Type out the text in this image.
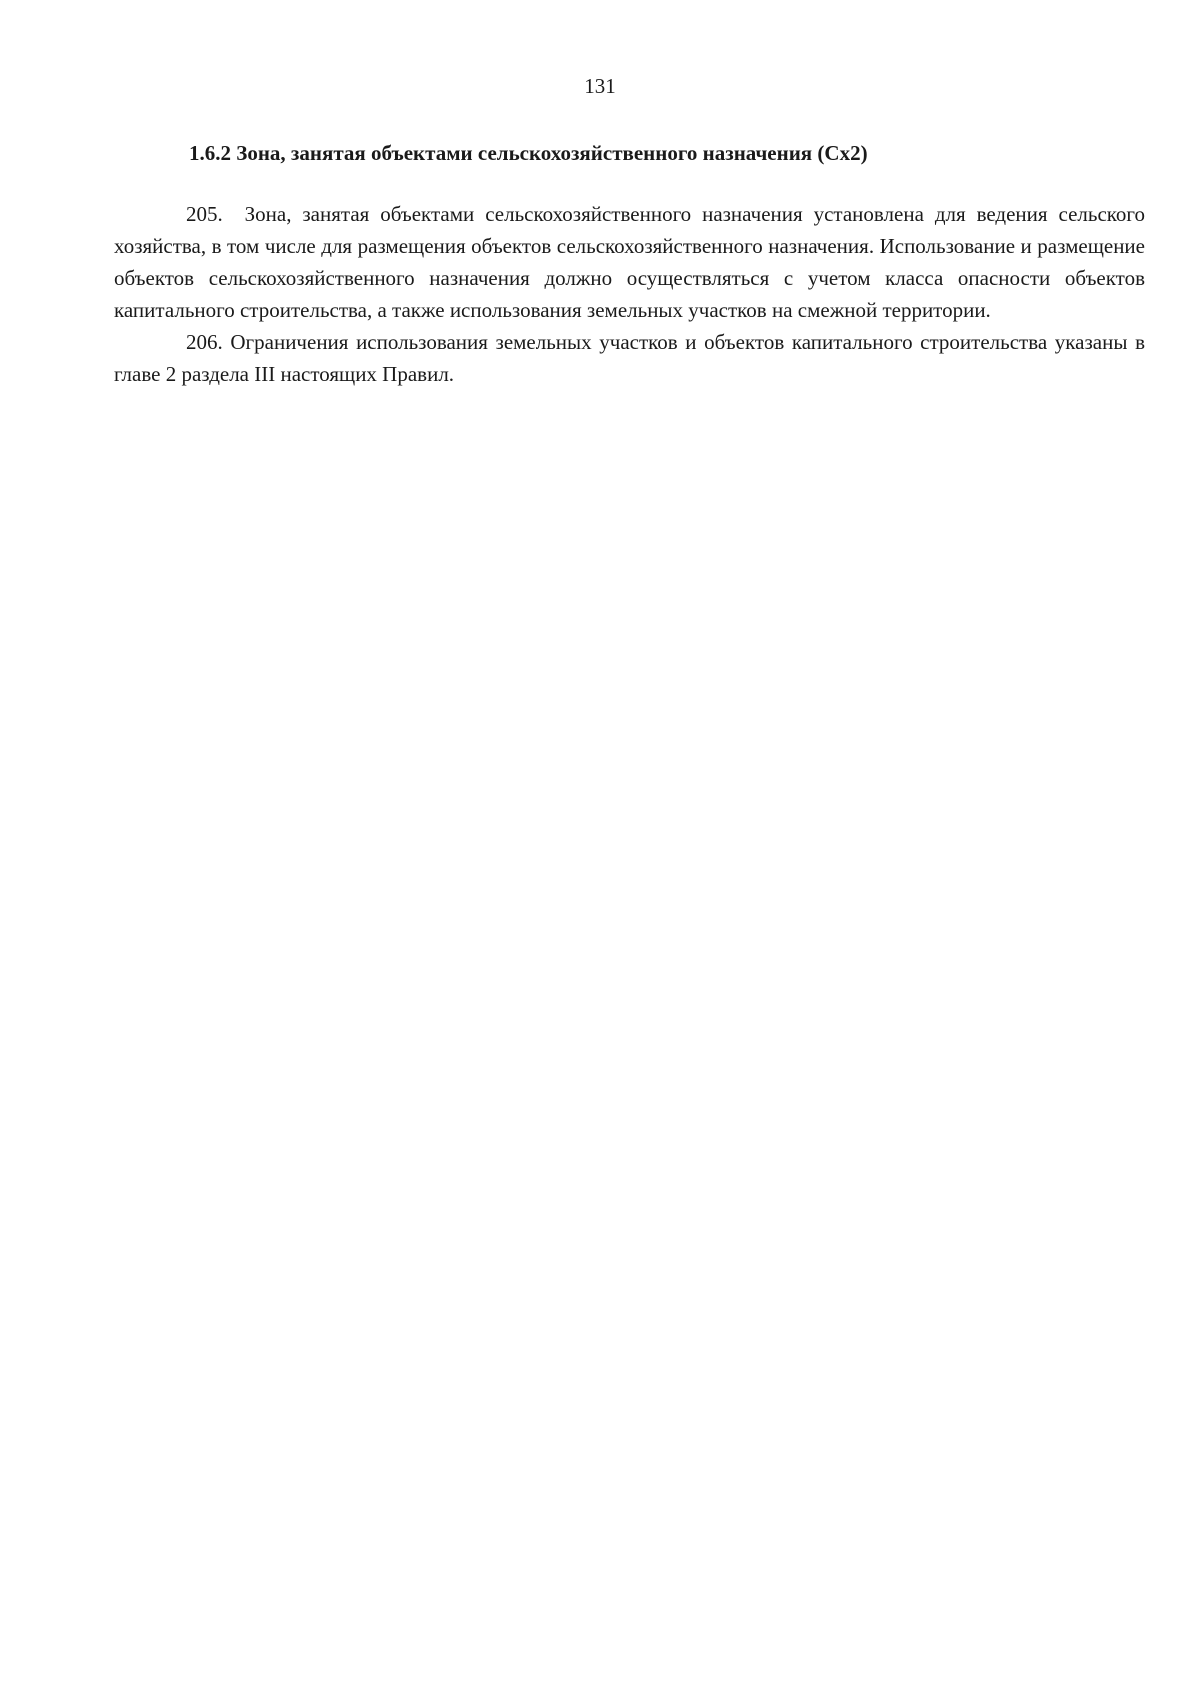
131
1.6.2 Зона, занятая объектами сельскохозяйственного назначения (Сх2)

205. Зона, занятая объектами сельскохозяйственного назначения установлена для ведения сельского хозяйства, в том числе для размещения объектов сельскохозяйственного назначения. Использование и размещение объектов сельскохозяйственного назначения должно осуществляться с учетом класса опасности объектов капитального строительства, а также использования земельных участков на смежной территории.

206. Ограничения использования земельных участков и объектов капитального строительства указаны в главе 2 раздела III настоящих Правил.
